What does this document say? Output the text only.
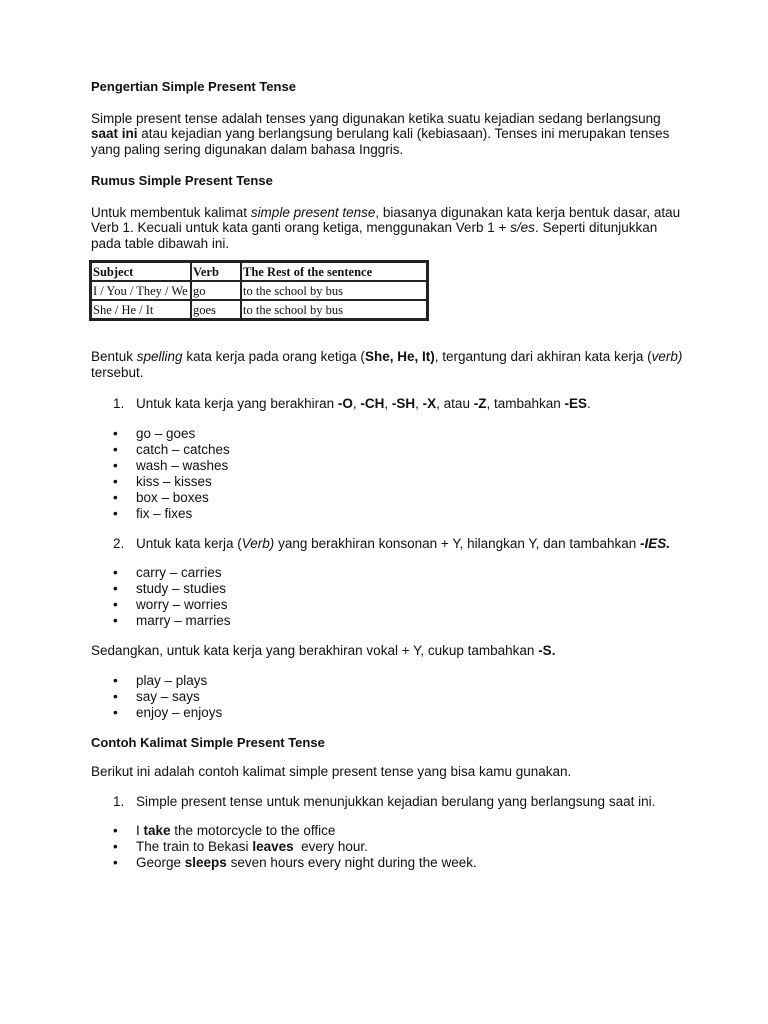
Pengertian Simple Present Tense

Simple present tense adalah tenses yang digunakan ketika suatu kejadian sedang berlangsung saat ini atau kejadian yang berlangsung berulang kali (kebiasaan). Tenses ini merupakan tenses yang paling sering digunakan dalam bahasa Inggris.

Rumus Simple Present Tense

Untuk membentuk kalimat simple present tense, biasanya digunakan kata kerja bentuk dasar, atau Verb 1. Kecuali untuk kata ganti orang ketiga, menggunakan Verb 1 + s/es. Seperti ditunjukkan pada table dibawah ini.

Subject	Verb	The Rest of the sentence
I / You / They / We	go	to the school by bus
She / He / It	goes	to the school by bus

Bentuk spelling kata kerja pada orang ketiga (She, He, It), tergantung dari akhiran kata kerja (verb) tersebut.

1. Untuk kata kerja yang berakhiran -O, -CH, -SH, -X, atau -Z, tambahkan -ES.
• go – goes
• catch – catches
• wash – washes
• kiss – kisses
• box – boxes
• fix – fixes
2. Untuk kata kerja (Verb) yang berakhiran konsonan + Y, hilangkan Y, dan tambahkan -IES.
• carry – carries
• study – studies
• worry – worries
• marry – marries

Sedangkan, untuk kata kerja yang berakhiran vokal + Y, cukup tambahkan -S.

• play – plays
• say – says
• enjoy – enjoys

Contoh Kalimat Simple Present Tense

Berikut ini adalah contoh kalimat simple present tense yang bisa kamu gunakan.

1. Simple present tense untuk menunjukkan kejadian berulang yang berlangsung saat ini.
• I take the motorcycle to the office
• The train to Bekasi leaves  every hour.
• George sleeps seven hours every night during the week.
